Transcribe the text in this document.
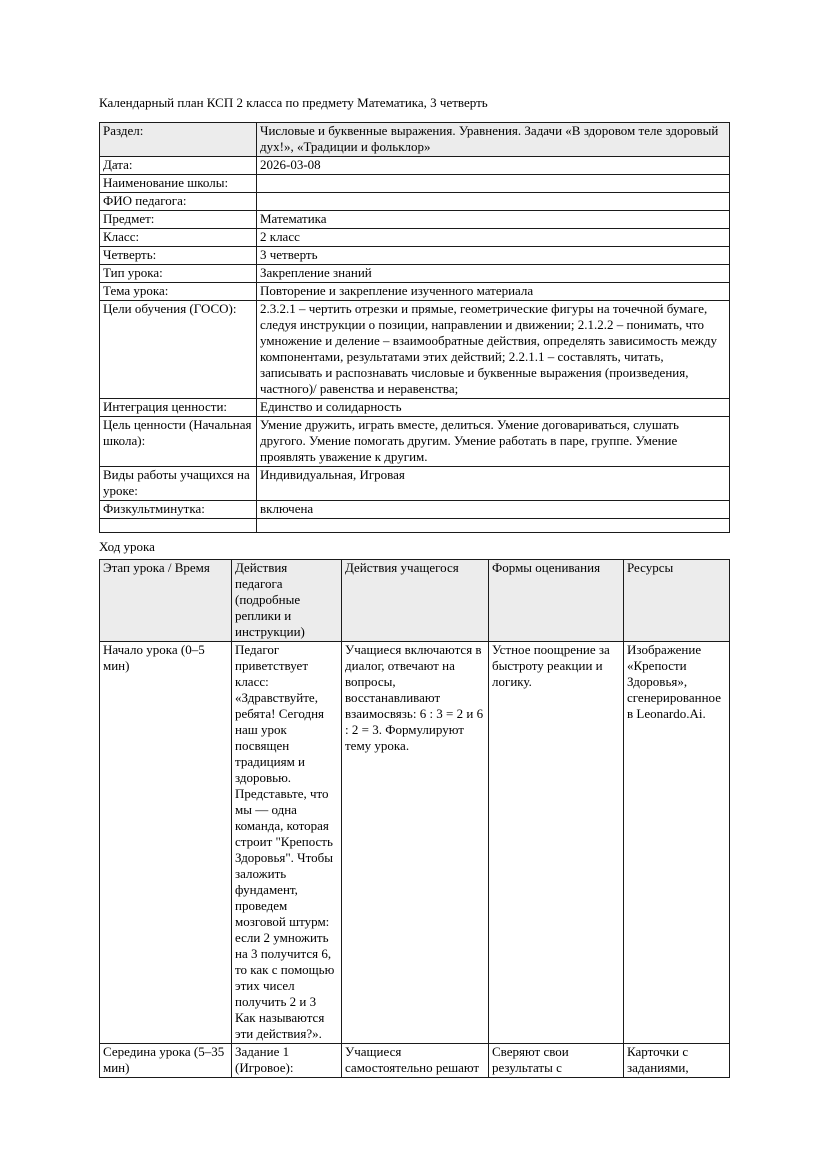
Календарный план КСП 2 класса по предмету Математика, 3 четверть
Раздел:	Числовые и буквенные выражения. Уравнения. Задачи «В здоровом теле здоровый дух!», «Традиции и фольклор»
Дата:	2026-03-08
Наименование школы:	
ФИО педагога:	
Предмет:	Математика
Класс:	2 класс
Четверть:	3 четверть
Тип урока:	Закрепление знаний
Тема урока:	Повторение и закрепление изученного материала
Цели обучения (ГОСО):	2.3.2.1 – чертить отрезки и прямые, геометрические фигуры на точечной бумаге, следуя инструкции о позиции, направлении и движении; 2.1.2.2 – понимать, что умножение и деление – взаимообратные действия, определять зависимость между компонентами, результатами этих действий; 2.2.1.1 – составлять, читать, записывать и распознавать числовые и буквенные выражения (произведения, частного)/ равенства и неравенства;
Интеграция ценности:	Единство и солидарность
Цель ценности (Начальная школа):	Умение дружить, играть вместе, делиться. Умение договариваться, слушать другого. Умение помогать другим. Умение работать в паре, группе. Умение проявлять уважение к другим.
Виды работы учащихся на уроке:	Индивидуальная, Игровая
Физкультминутка:	включена

Ход урока
Этап урока / Время	Действия педагога (подробные реплики и инструкции)	Действия учащегося	Формы оценивания	Ресурсы
Начало урока (0–5 мин)	Педагог приветствует класс: «Здравствуйте, ребята! Сегодня наш урок посвящен традициям и здоровью. Представьте, что мы — одна команда, которая строит "Крепость Здоровья". Чтобы заложить фундамент, проведем мозговой штурм: если 2 умножить на 3 получится 6, то как с помощью этих чисел получить 2 и 3 Как называются эти действия?».	Учащиеся включаются в диалог, отвечают на вопросы, восстанавливают взаимосвязь: 6 : 3 = 2 и 6 : 2 = 3. Формулируют тему урока.	Устное поощрение за быстроту реакции и логику.	Изображение «Крепости Здоровья», сгенерированное в Leonardo.Ai.
Середина урока (5–35 мин)	Задание 1 (Игровое):	Учащиеся самостоятельно решают	Сверяют свои результаты с	Карточки с заданиями,
